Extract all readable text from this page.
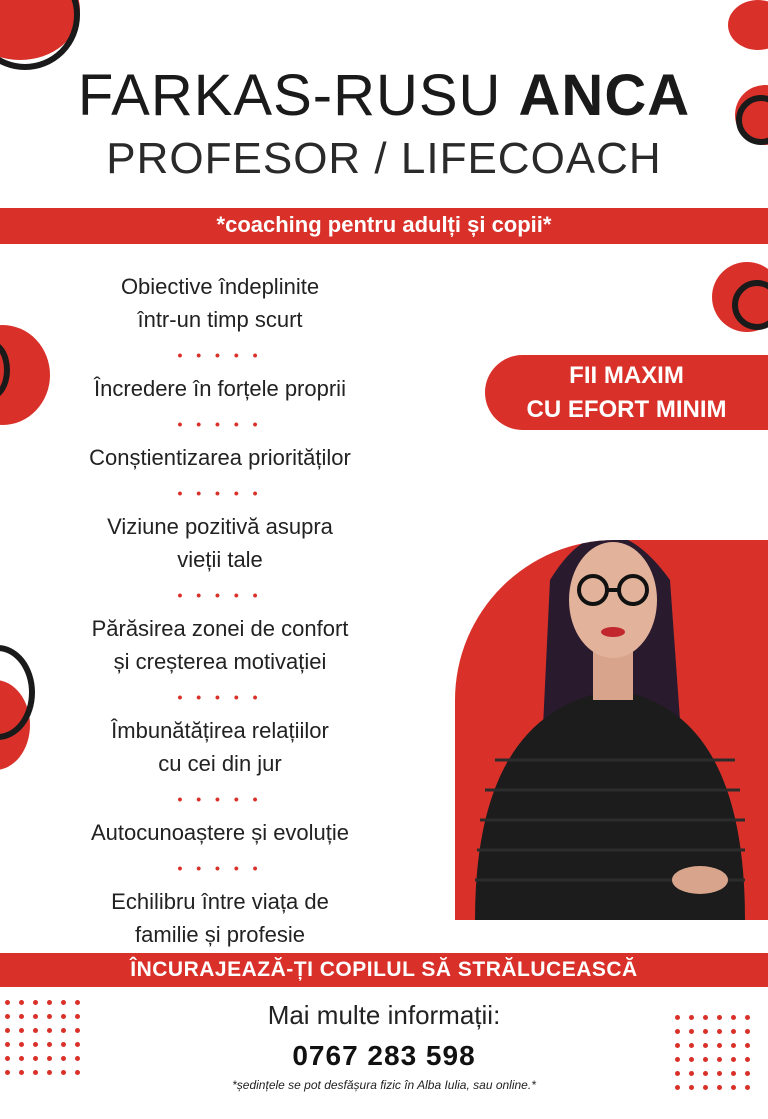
FARKAS-RUSU ANCA
PROFESOR / LIFECOACH
*coaching pentru adulți și copii*
Obiective îndeplinite
într-un timp scurt
• • • • •
Încredere în forțele proprii
• • • • •
Conștientizarea priorităților
• • • • •
Viziune pozitivă asupra
vieții tale
• • • • •
Părăsirea zonei de confort
și creșterea motivației
• • • • •
Îmbunătățirea relațiilor
cu cei din jur
• • • • •
Autocunoaștere și evoluție
• • • • •
Echilibru între viața de
familie și profesie
FII MAXIM
CU EFORT MINIM
ÎNCURAJEAZĂ-ȚI COPILUL SĂ STRĂLUCEASCĂ
Mai multe informații:
0767 283 598
*ședințele se pot desfășura fizic în Alba Iulia, sau online.*
